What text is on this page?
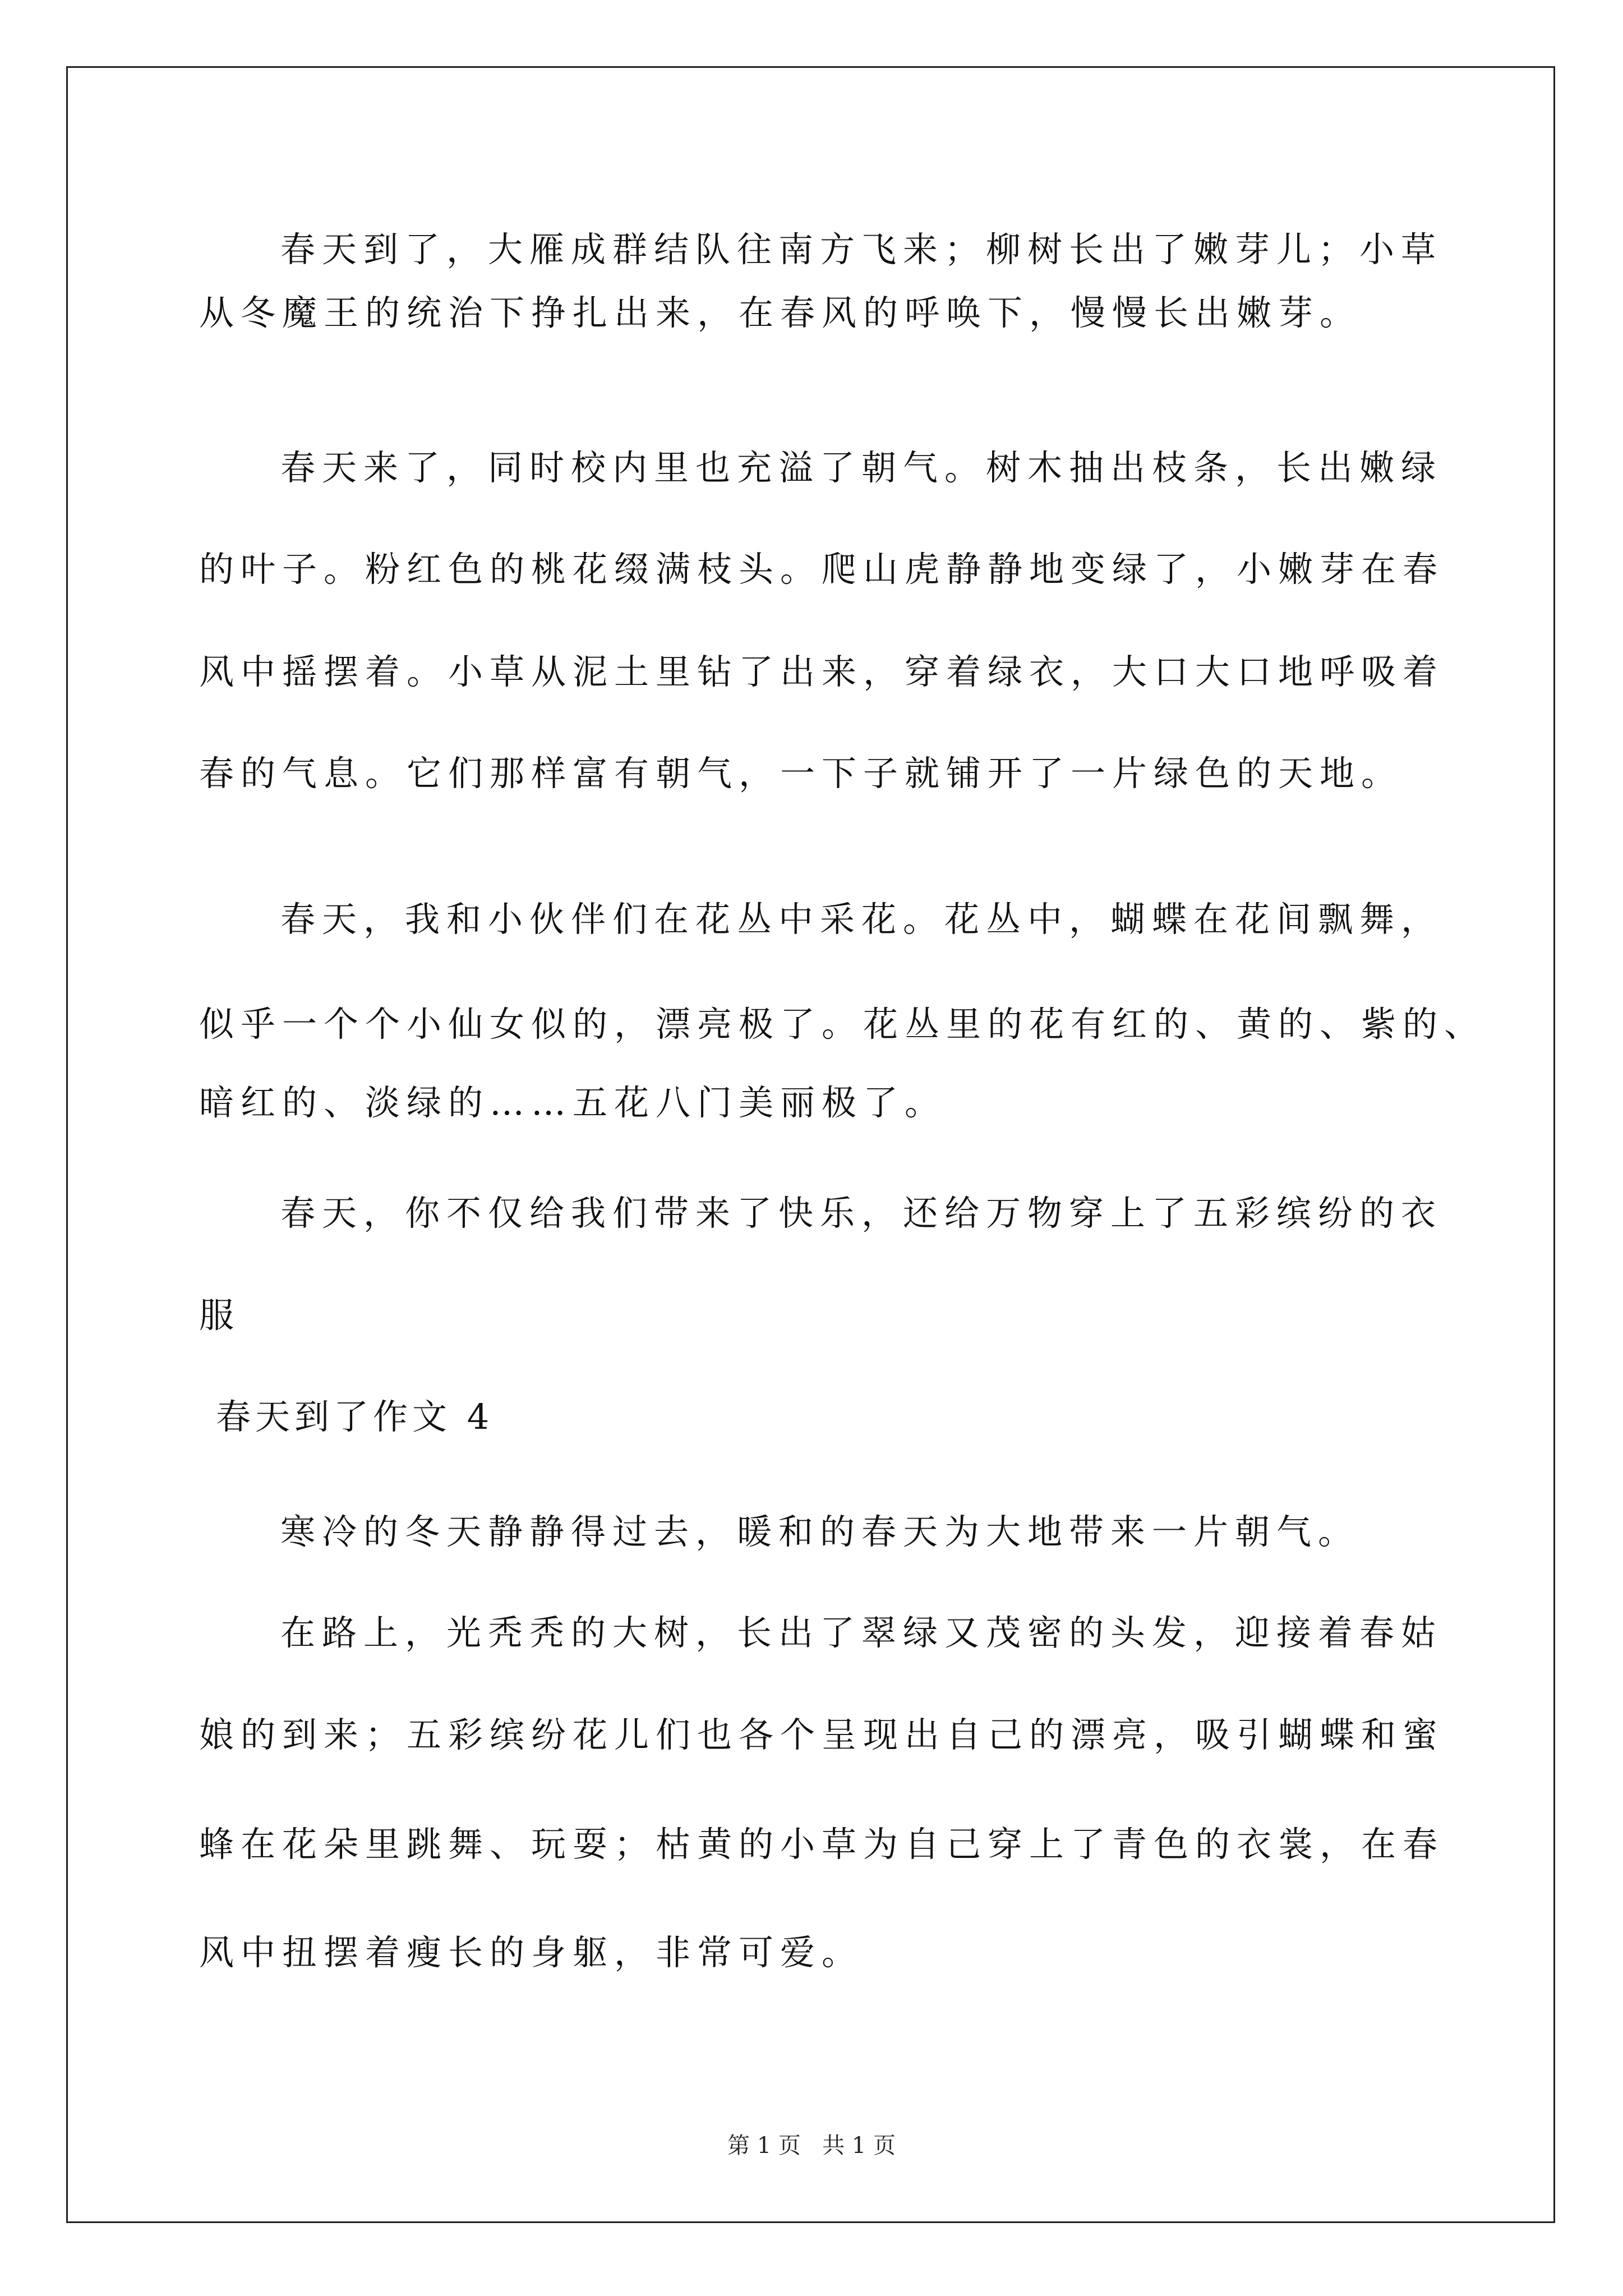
春天到了，大雁成群结队往南方飞来；柳树长出了嫩芽儿；小草
从冬魔王的统治下挣扎出来，在春风的呼唤下，慢慢长出嫩芽。
春天来了，同时校内里也充溢了朝气。树木抽出枝条，长出嫩绿
的叶子。粉红色的桃花缀满枝头。爬山虎静静地变绿了，小嫩芽在春
风中摇摆着。小草从泥土里钻了出来，穿着绿衣，大口大口地呼吸着
春的气息。它们那样富有朝气，一下子就铺开了一片绿色的天地。
春天，我和小伙伴们在花丛中采花。花丛中，蝴蝶在花间飘舞，
似乎一个个小仙女似的，漂亮极了。花丛里的花有红的、黄的、紫的、
暗红的、淡绿的……五花八门美丽极了。
春天，你不仅给我们带来了快乐，还给万物穿上了五彩缤纷的衣
服
春天到了作文 4
寒冷的冬天静静得过去，暖和的春天为大地带来一片朝气。
在路上，光秃秃的大树，长出了翠绿又茂密的头发，迎接着春姑
娘的到来；五彩缤纷花儿们也各个呈现出自己的漂亮，吸引蝴蝶和蜜
蜂在花朵里跳舞、玩耍；枯黄的小草为自己穿上了青色的衣裳，在春
风中扭摆着瘦长的身躯，非常可爱。
第 1 页   共 1 页
